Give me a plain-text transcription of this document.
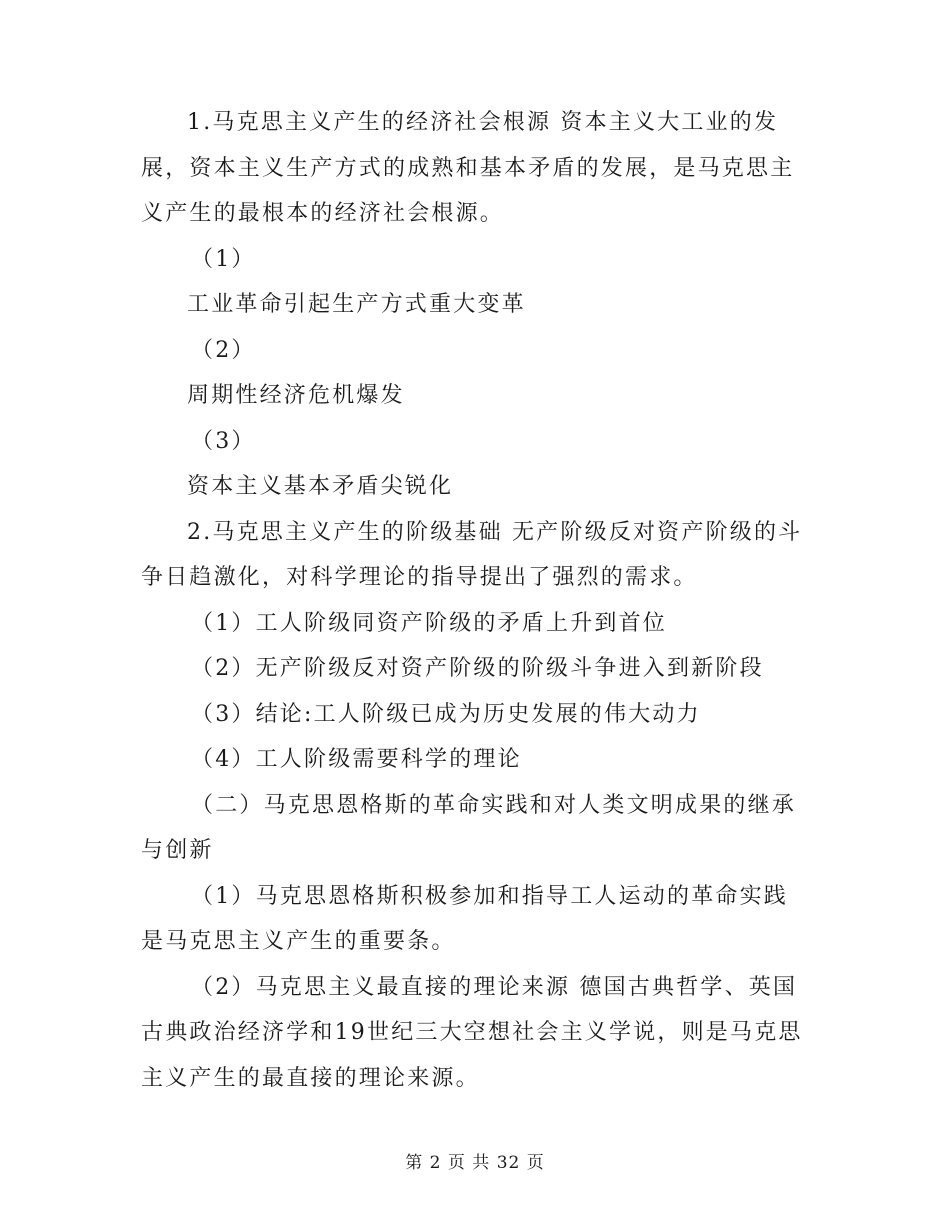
1.马克思主义产生的经济社会根源 资本主义大工业的发展，资本主义生产方式的成熟和基本矛盾的发展，是马克思主义产生的最根本的经济社会根源。

（1）

工业革命引起生产方式重大变革

（2）

周期性经济危机爆发

（3）

资本主义基本矛盾尖锐化

2.马克思主义产生的阶级基础 无产阶级反对资产阶级的斗争日趋激化，对科学理论的指导提出了强烈的需求。

（1）工人阶级同资产阶级的矛盾上升到首位

（2）无产阶级反对资产阶级的阶级斗争进入到新阶段

（3）结论:工人阶级已成为历史发展的伟大动力

（4）工人阶级需要科学的理论

（二）马克思恩格斯的革命实践和对人类文明成果的继承与创新

（1）马克思恩格斯积极参加和指导工人运动的革命实践是马克思主义产生的重要条。

（2）马克思主义最直接的理论来源 德国古典哲学、英国古典政治经济学和19世纪三大空想社会主义学说，则是马克思主义产生的最直接的理论来源。

第 2 页 共 32 页
